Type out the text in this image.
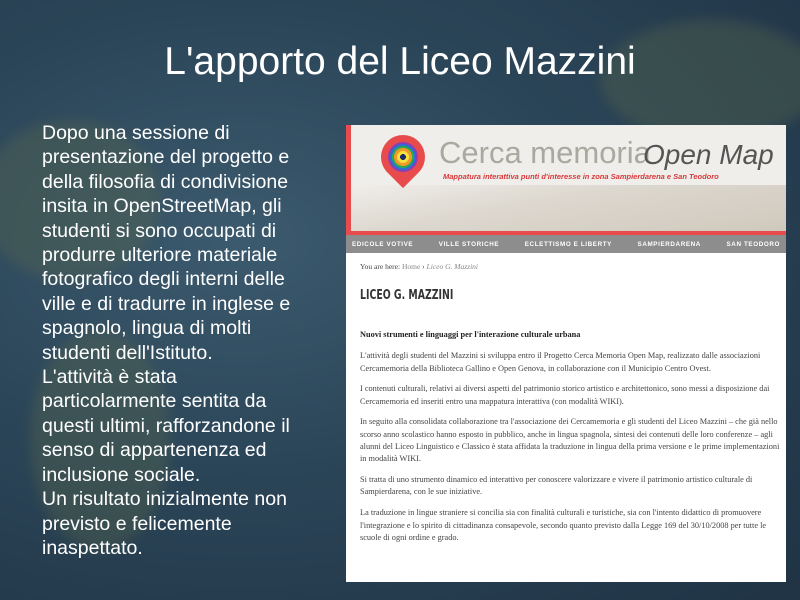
L'apporto del Liceo Mazzini
Dopo una sessione di
presentazione del progetto e
della filosofia di condivisione
insita in OpenStreetMap, gli
studenti si sono occupati di
produrre ulteriore materiale
fotografico degli interni delle
ville e di tradurre in inglese e
spagnolo, lingua di molti
studenti dell'Istituto.
L'attività è stata
particolarmente sentita da
questi ultimi, rafforzandone il
senso di appartenenza ed
inclusione sociale.
Un risultato inizialmente non
previsto e felicemente
inaspettato.
Cerca memoria
Open Map
Mappatura interattiva punti d'interesse in zona Sampierdarena e San Teodoro
EDICOLE VOTIVE	VILLE STORICHE	ECLETTISMO E LIBERTY	SAMPIERDARENA	SAN TEODORO
You are here: Home › Liceo G. Mazzini
LICEO G. MAZZINI

Nuovi strumenti e linguaggi per l'interazione culturale urbana

L'attività degli studenti del Mazzini si sviluppa entro il Progetto Cerca Memoria Open Map, realizzato dalle associazioni Cercamemoria della Biblioteca Gallino e Open Genova, in collaborazione con il Municipio Centro Ovest.

I contenuti culturali, relativi ai diversi aspetti del patrimonio storico artistico e architettonico, sono messi a disposizione dai Cercamemoria ed inseriti entro una mappatura interattiva (con modalità WIKI).

In seguito alla consolidata collaborazione tra l'associazione dei Cercamemoria e gli studenti del Liceo Mazzini – che già nello scorso anno scolastico hanno esposto in pubblico, anche in lingua spagnola, sintesi dei contenuti delle loro conferenze – agli alunni del Liceo Linguistico e Classico è stata affidata la traduzione in lingua della prima versione e le prime implementazioni in modalità WIKI.

Si tratta di uno strumento dinamico ed interattivo per conoscere valorizzare e vivere il patrimonio artistico culturale di Sampierdarena, con le sue iniziative.

La traduzione in lingue straniere si concilia sia con finalità culturali e turistiche, sia con l'intento didattico di promuovere l'integrazione e lo spirito di cittadinanza consapevole, secondo quanto previsto dalla Legge 169 del 30/10/2008 per tutte le scuole di ogni ordine e grado.
